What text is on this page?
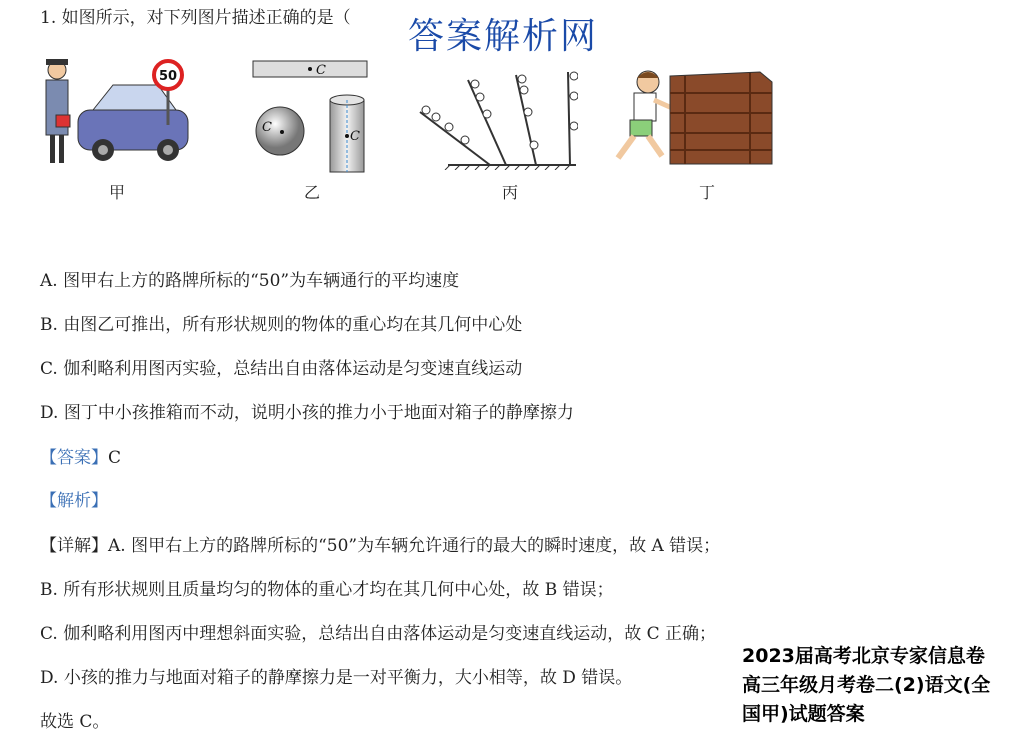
1. 如图所示，对下列图片描述正确的是（ 答案解析网
50
甲
C
C
C
乙	丙	丁
A. 图甲右上方的路牌所标的“50”为车辆通行的平均速度
B. 由图乙可推出，所有形状规则的物体的重心均在其几何中心处
C. 伽利略利用图丙实验，总结出自由落体运动是匀变速直线运动
D. 图丁中小孩推箱而不动，说明小孩的推力小于地面对箱子的静摩擦力
【答案】C
【解析】
【详解】A. 图甲右上方的路牌所标的“50”为车辆允许通行的最大的瞬时速度，故 A 错误；
B. 所有形状规则且质量均匀的物体的重心才均在其几何中心处，故 B 错误；
C. 伽利略利用图丙中理想斜面实验，总结出自由落体运动是匀变速直线运动，故 C 正确；
D. 小孩的推力与地面对箱子的静摩擦力是一对平衡力，大小相等，故 D 错误。
故选 C。
2023届高考北京专家信息卷
高三年级月考卷二(2)语文(全
国甲)试题答案
